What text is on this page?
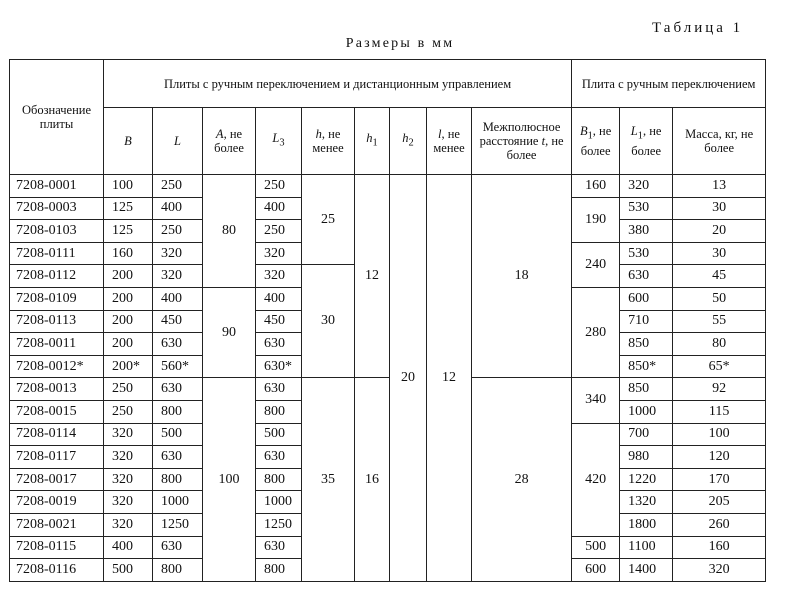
Таблица 1
Размеры в мм
Обозначение плиты	Плиты с ручным переключением и дистанционным управлением									Плита с ручным переключением		
	B	L	A, не более	$L_3$	h, не менее	$h_1$	$h_2$	l, не менее	Межполюсное расстояние t, не более	$B_1$, не более	$L_1$, не более	Масса, кг, не более
7208-0001	100	250	80	250	25	12	20	12	18	160	320	13
7208-0003	125	400		400						190	530	30
7208-0103	125	250		250							380	20
7208-0111	160	320		320						240	530	30
7208-0112	200	320		320	30						630	45
7208-0109	200	400	90	400						280	600	50
7208-0113	200	450		450							710	55
7208-0011	200	630		630							850	80
7208-0012*	200*	560*		630*							850*	65*
7208-0013	250	630	100	630	35	16			28	340	850	92
7208-0015	250	800		800							1000	115
7208-0114	320	500		500						420	700	100
7208-0117	320	630		630							980	120
7208-0017	320	800		800							1220	170
7208-0019	320	1000		1000							1320	205
7208-0021	320	1250		1250							1800	260
7208-0115	400	630		630						500	1100	160
7208-0116	500	800		800						600	1400	320
